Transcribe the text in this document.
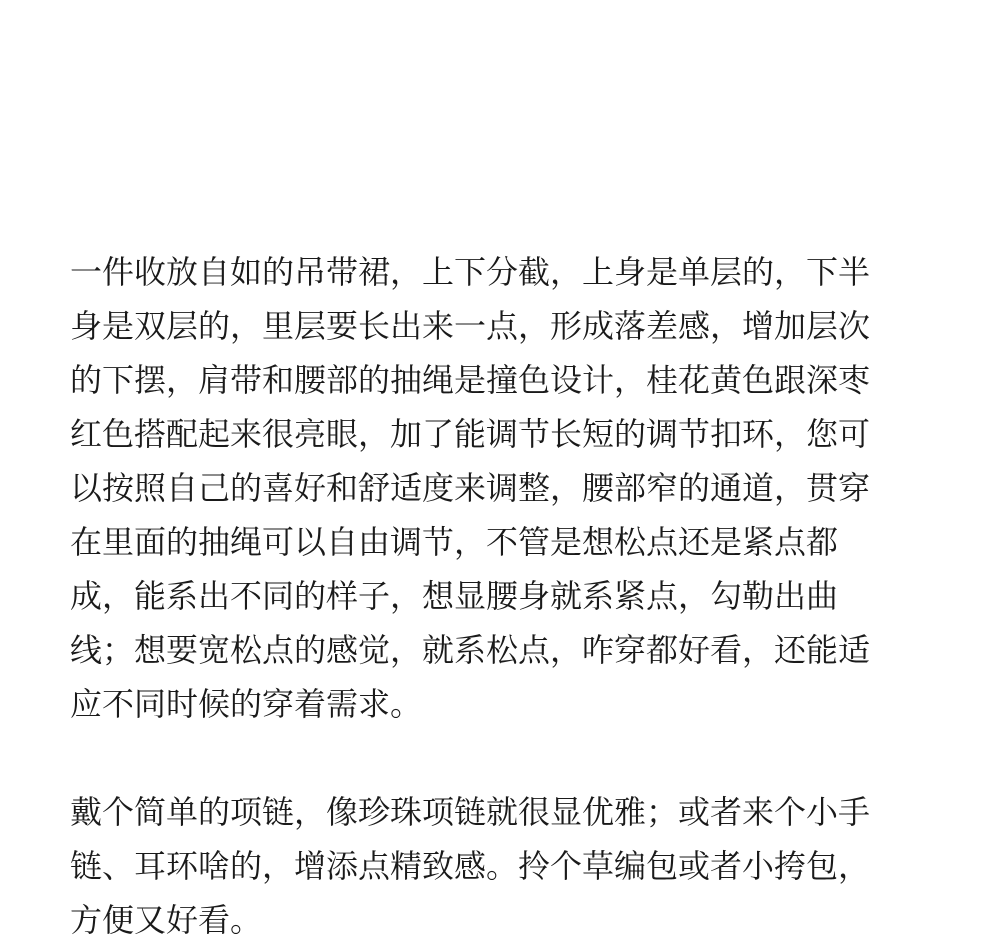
一件收放自如的吊带裙，上下分截，上身是单层的，下半
身是双层的，里层要长出来一点，形成落差感，增加层次
的下摆，肩带和腰部的抽绳是撞色设计，桂花黄色跟深枣
红色搭配起来很亮眼，加了能调节长短的调节扣环，您可
以按照自己的喜好和舒适度来调整，腰部窄的通道，贯穿
在里面的抽绳可以自由调节，不管是想松点还是紧点都
成，能系出不同的样子，想显腰身就系紧点，勾勒出曲
线；想要宽松点的感觉，就系松点，咋穿都好看，还能适
应不同时候的穿着需求。

戴个简单的项链，像珍珠项链就很显优雅；或者来个小手
链、耳环啥的，增添点精致感。拎个草编包或者小挎包，
方便又好看。
